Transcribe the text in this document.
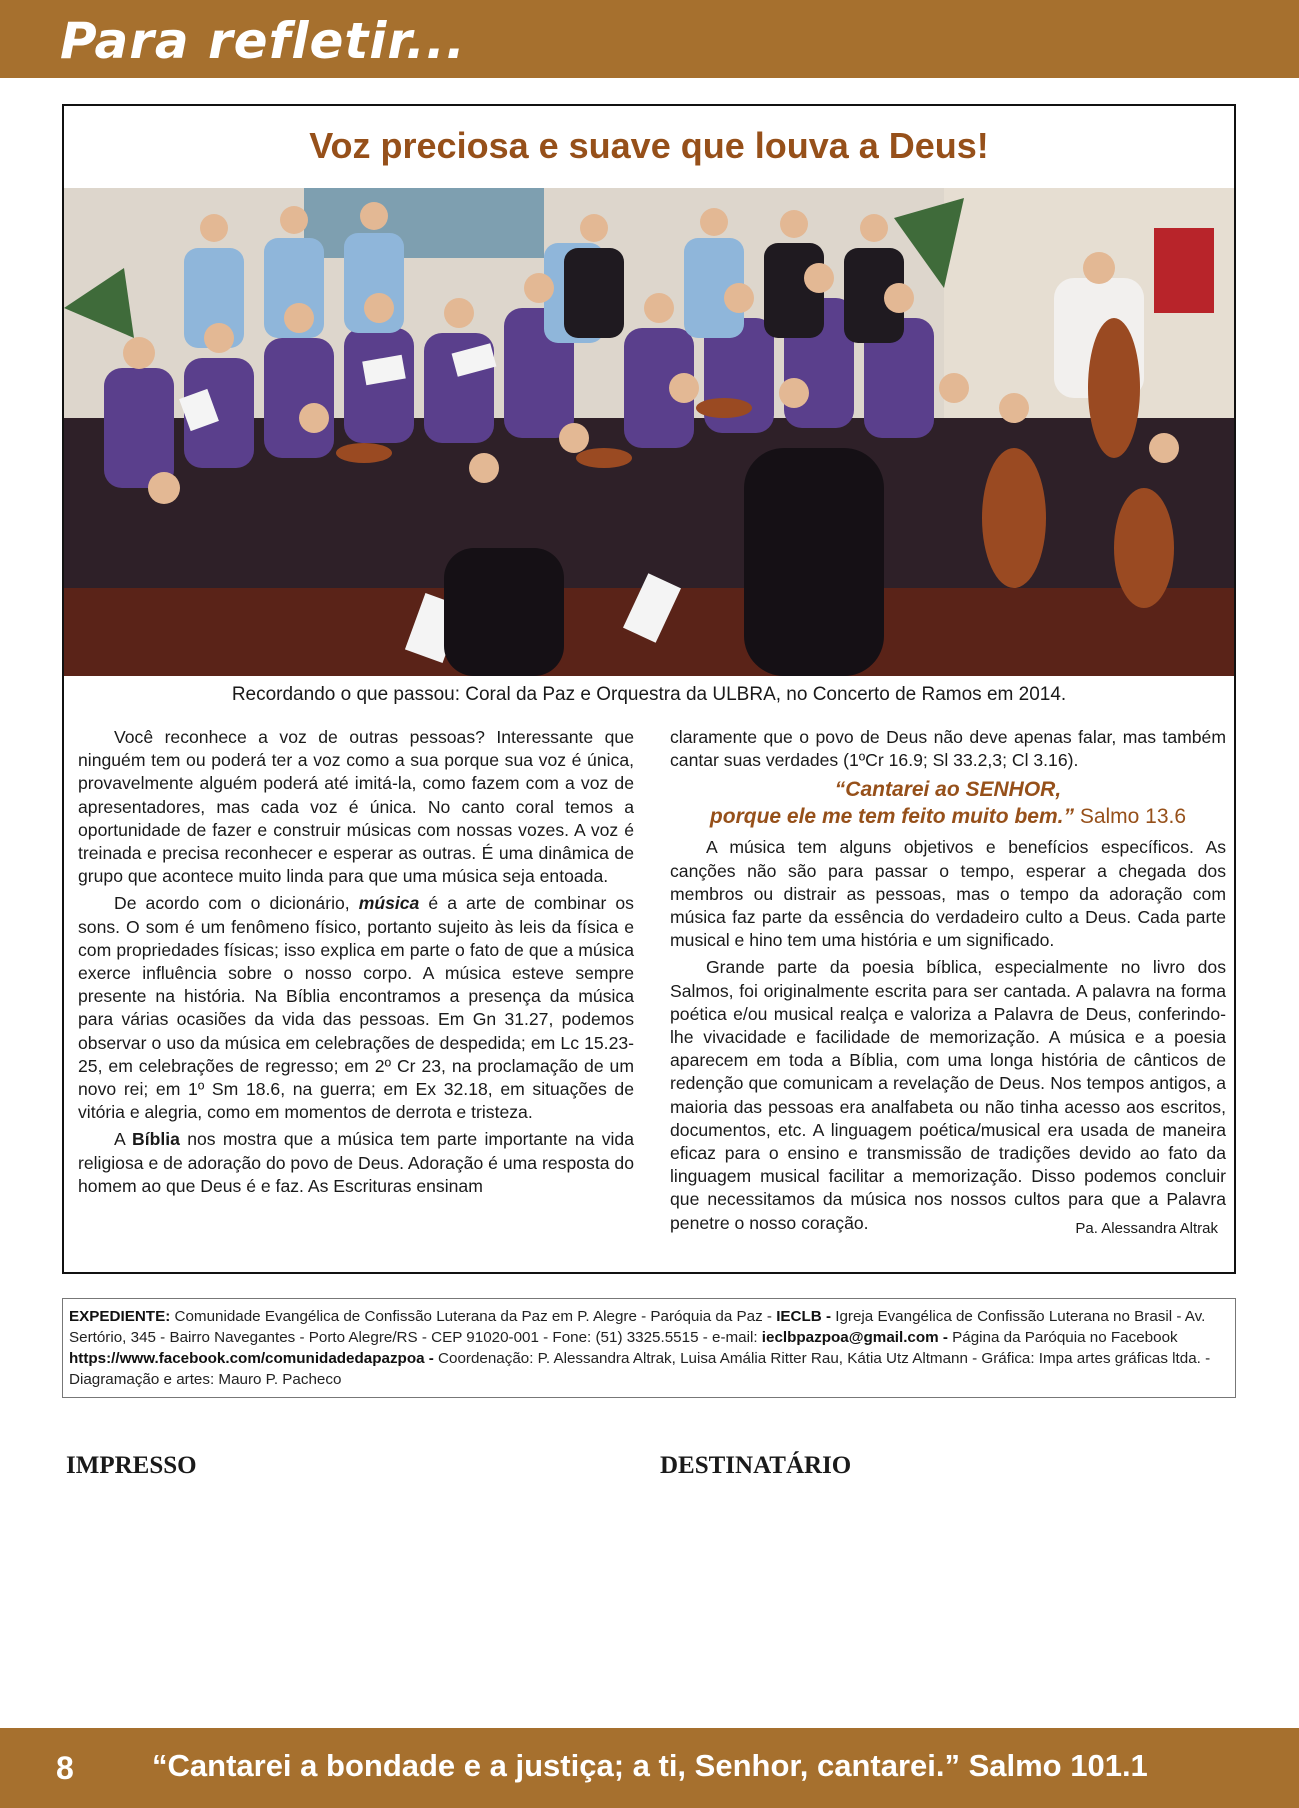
Para refletir...
Voz preciosa e suave que louva a Deus!

Recordando o que passou: Coral da Paz e Orquestra da ULBRA, no Concerto de Ramos em 2014.

Você reconhece a voz de outras pessoas? Interessante que ninguém tem ou poderá ter a voz como a sua porque sua voz é única, provavelmente alguém poderá até imitá-la, como fazem com a voz de apresentadores, mas cada voz é única. No canto coral temos a oportunidade de fazer e construir músicas com nossas vozes. A voz é treinada e precisa reconhecer e esperar as outras. É uma dinâmica de grupo que acontece muito linda para que uma música seja entoada.

De acordo com o dicionário, música é a arte de combinar os sons. O som é um fenômeno físico, portanto sujeito às leis da física e com propriedades físicas; isso explica em parte o fato de que a música exerce influência sobre o nosso corpo. A música esteve sempre presente na história. Na Bíblia encontramos a presença da música para várias ocasiões da vida das pessoas. Em Gn 31.27, podemos observar o uso da música em celebrações de despedida; em Lc 15.23-25, em celebrações de regresso; em 2º Cr 23, na proclamação de um novo rei; em 1º Sm 18.6, na guerra; em Ex 32.18, em situações de vitória e alegria, como em momentos de derrota e tristeza.

A Bíblia nos mostra que a música tem parte importante na vida religiosa e de adoração do povo de Deus. Adoração é uma resposta do homem ao que Deus é e faz. As Escrituras ensinam

claramente que o povo de Deus não deve apenas falar, mas também cantar suas verdades (1ºCr 16.9; Sl 33.2,3; Cl 3.16).

“Cantarei ao SENHOR,
porque ele me tem feito muito bem.” Salmo 13.6

A música tem alguns objetivos e benefícios específicos. As canções não são para passar o tempo, esperar a chegada dos membros ou distrair as pessoas, mas o tempo da adoração com música faz parte da essência do verdadeiro culto a Deus. Cada parte musical e hino tem uma história e um significado.

Grande parte da poesia bíblica, especialmente no livro dos Salmos, foi originalmente escrita para ser cantada. A palavra na forma poética e/ou musical realça e valoriza a Palavra de Deus, conferindo-lhe vivacidade e facilidade de memorização. A música e a poesia aparecem em toda a Bíblia, com uma longa história de cânticos de redenção que comunicam a revelação de Deus. Nos tempos antigos, a maioria das pessoas era analfabeta ou não tinha acesso aos escritos, documentos, etc. A linguagem poética/musical era usada de maneira eficaz para o ensino e transmissão de tradições devido ao fato da linguagem musical facilitar a memorização. Disso podemos concluir que necessitamos da música nos nossos cultos para que a Palavra penetre o nosso coração.	Pa. Alessandra Altrak
EXPEDIENTE: Comunidade Evangélica de Confissão Luterana da Paz em P. Alegre - Paróquia da Paz - IECLB - Igreja Evangélica de Confissão Luterana no Brasil - Av. Sertório, 345 - Bairro Navegantes - Porto Alegre/RS - CEP 91020-001 - Fone: (51) 3325.5515 - e-mail: ieclbpazpoa@gmail.com - Página da Paróquia no Facebook https://www.facebook.com/comunidadedapazpoa - Coordenação: P. Alessandra Altrak, Luisa Amália Ritter Rau, Kátia Utz Altmann - Gráfica: Impa artes gráficas ltda. - Diagramação e artes: Mauro P. Pacheco

IMPRESSO	DESTINATÁRIO

8	“Cantarei a bondade e a justiça; a ti, Senhor, cantarei.” Salmo 101.1
